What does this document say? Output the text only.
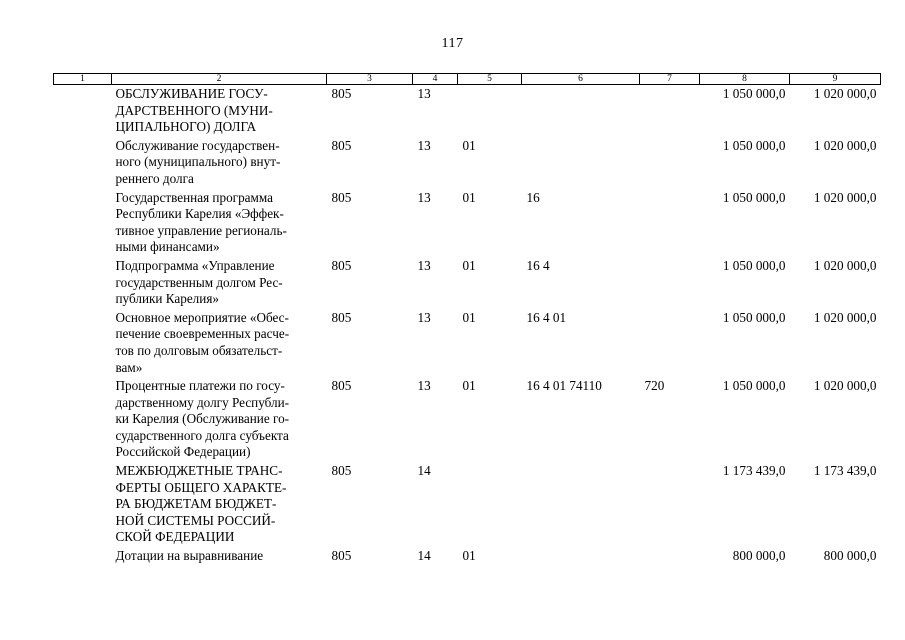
117
1	2	3	4	5	6	7	8	9
	ОБСЛУЖИВАНИЕ ГОСУ-
ДАРСТВЕННОГО (МУНИ-
ЦИПАЛЬНОГО) ДОЛГА	805	13				1 050 000,0	1 020 000,0
	Обслуживание государствен-
ного (муниципального) внут-
реннего долга	805	13	01			1 050 000,0	1 020 000,0
	Государственная программа
Республики Карелия «Эффек-
тивное управление региональ-
ными финансами»	805	13	01	16		1 050 000,0	1 020 000,0
	Подпрограмма «Управление
государственным долгом Рес-
публики Карелия»	805	13	01	16 4		1 050 000,0	1 020 000,0
	Основное мероприятие «Обес-
печение своевременных расче-
тов по долговым обязательст-
вам»	805	13	01	16 4 01		1 050 000,0	1 020 000,0
	Процентные платежи по госу-
дарственному долгу Республи-
ки Карелия (Обслуживание го-
сударственного долга субъекта
Российской Федерации)	805	13	01	16 4 01 74110	720	1 050 000,0	1 020 000,0
	МЕЖБЮДЖЕТНЫЕ ТРАНС-
ФЕРТЫ ОБЩЕГО ХАРАКТЕ-
РА БЮДЖЕТАМ БЮДЖЕТ-
НОЙ СИСТЕМЫ РОССИЙ-
СКОЙ ФЕДЕРАЦИИ	805	14				1 173 439,0	1 173 439,0
	Дотации на выравнивание	805	14	01			800 000,0	800 000,0
